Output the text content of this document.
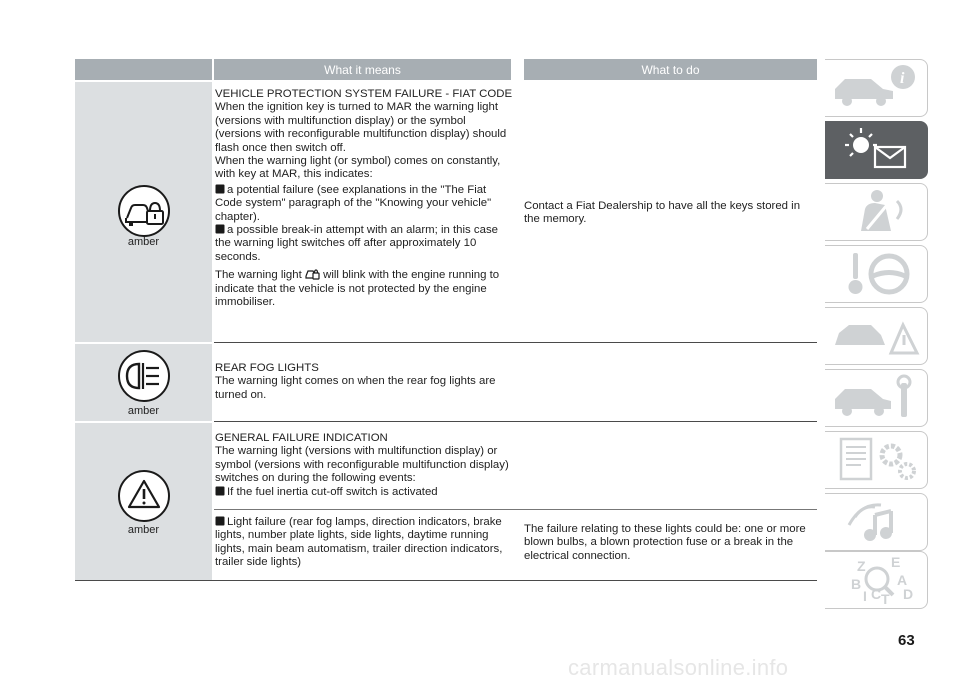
What it means	What to do
amber

VEHICLE PROTECTION SYSTEM FAILURE - FIAT CODE

When the ignition key is turned to MAR the warning light (versions with multifunction display) or the symbol (versions with reconfigurable multifunction display) should flash once then switch off.

When the warning light (or symbol) comes on constantly, with key at MAR, this indicates:

a potential failure (see explanations in the "The Fiat Code system" paragraph of the "Knowing your vehicle" chapter).

a possible break-in attempt with an alarm; in this case the warning light switches off after approximately 10 seconds.

The warning light will blink with the engine running to indicate that the vehicle is not protected by the engine immobiliser.

Contact a Fiat Dealership to have all the keys stored in the memory.
amber

REAR FOG LIGHTS

The warning light comes on when the rear fog lights are turned on.

amber

GENERAL FAILURE INDICATION

The warning light (versions with multifunction display) or symbol (versions with reconfigurable multifunction display) switches on during the following events:

If the fuel inertia cut-off switch is activated

Light failure (rear fog lamps, direction indicators, brake lights, number plate lights, side lights, daytime running lights, main beam automatism, trailer direction indicators, trailer side lights)

The failure relating to these lights could be: one or more blown bulbs, a blown protection fuse or a break in the electrical connection.
i
Z E
B	A
I C T D
63
carmanualsonline.info
